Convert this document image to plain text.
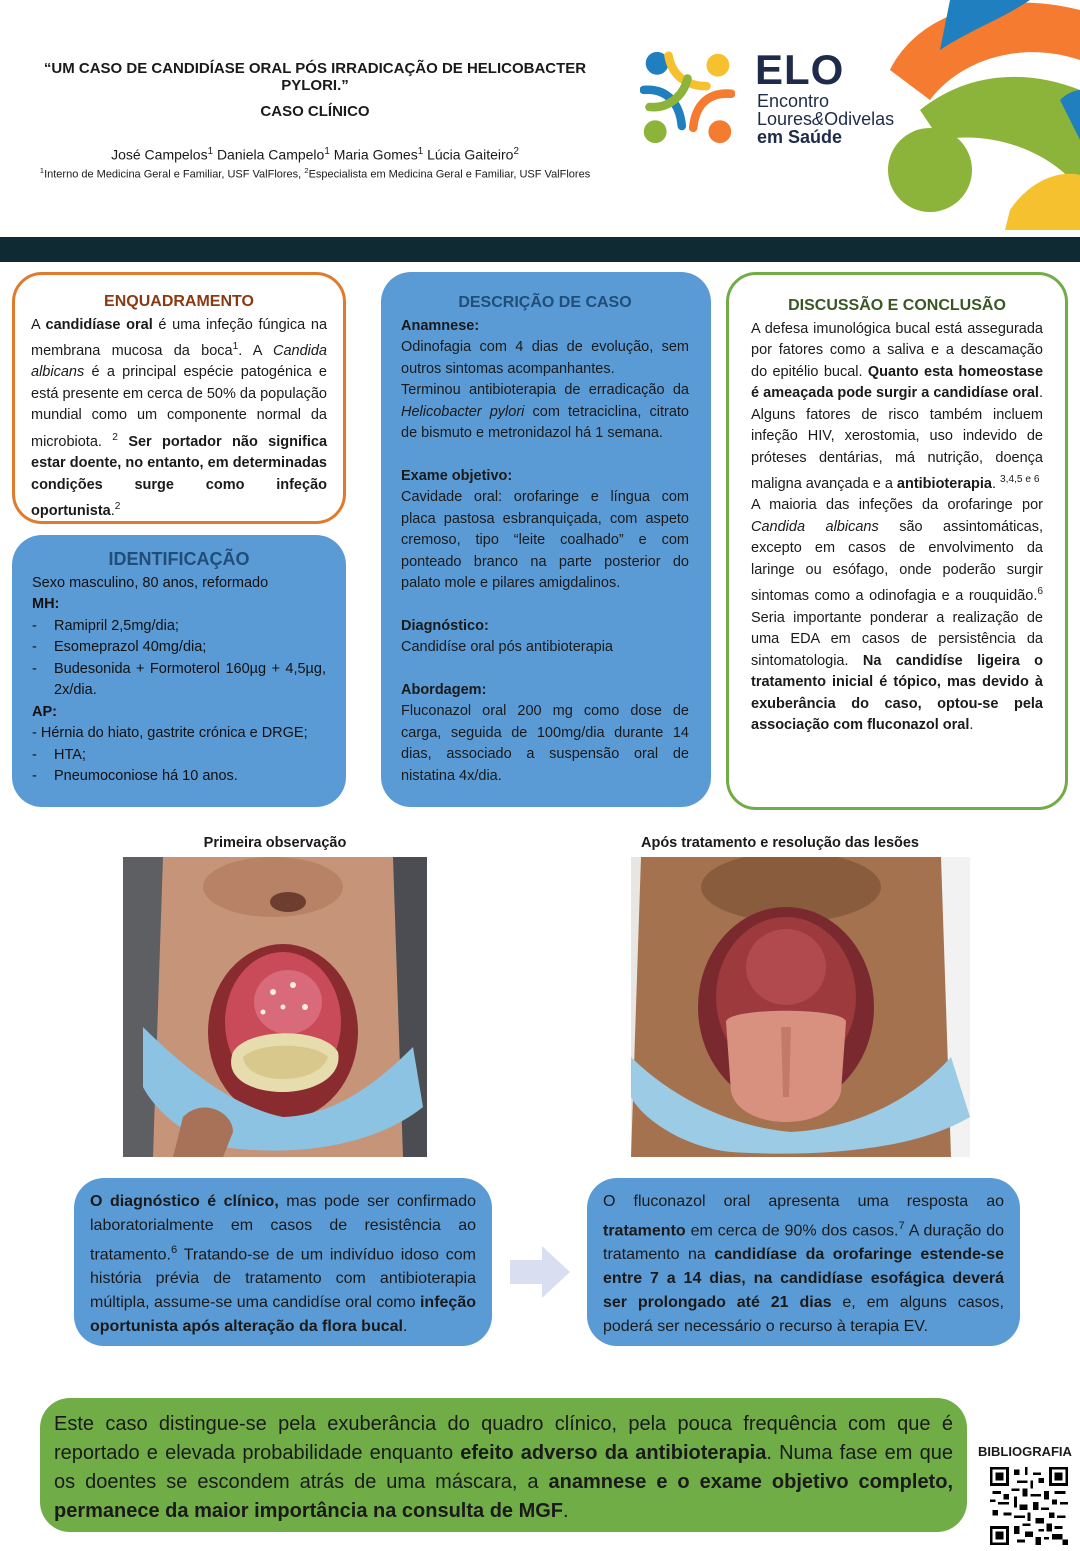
“UM CASO DE CANDIDÍASE ORAL PÓS IRRADICAÇÃO DE HELICOBACTER PYLORI.”
CASO CLÍNICO
José Campelos$^1$ Daniela Campelo$^1$ Maria Gomes$^1$ Lúcia Gaiteiro$^2$
$^1$Interno de Medicina Geral e Familiar, USF ValFlores, $^2$Especialista em Medicina Geral e Familiar, USF ValFlores
ELO
Encontro
Loures&Odivelas
em Saúde
ENQUADRAMENTO

A candidíase oral é uma infeção fúngica na membrana mucosa da boca$^1$. A Candida albicans é a principal espécie patogénica e está presente em cerca de 50% da população mundial como um componente normal da microbiota. $^2$ Ser portador não significa estar doente, no entanto, em determinadas condições surge como infeção oportunista.$^2$

IDENTIFICAÇÃO
Sexo masculino, 80 anos, reformado
MH:
- Ramipril 2,5mg/dia;
- Esomeprazol 40mg/dia;
- Budesonida + Formoterol 160µg + 4,5µg, 2x/dia.
AP:
- Hérnia do hiato, gastrite crónica e DRGE;
- HTA;
- Pneumoconiose há 10 anos.
DESCRIÇÃO DE CASO
Anamnese:

Odinofagia com 4 dias de evolução, sem outros sintomas acompanhantes.

Terminou antibioterapia de erradicação da Helicobacter pylori com tetraciclina, citrato de bismuto e metronidazol há 1 semana.

Exame objetivo:

Cavidade oral: orofaringe e língua com placa pastosa esbranquiçada, com aspeto cremoso, tipo “leite coalhado” e com ponteado branco na parte posterior do palato mole e pilares amigdalinos.

Diagnóstico:

Candidíse oral pós antibioterapia

Abordagem:

Fluconazol oral 200 mg como dose de carga, seguida de 100mg/dia durante 14 dias, associado a suspensão oral de nistatina 4x/dia.

DISCUSSÃO E CONCLUSÃO

A defesa imunológica bucal está assegurada por fatores como a saliva e a descamação do epitélio bucal. Quanto esta homeostase é ameaçada pode surgir a candidíase oral. Alguns fatores de risco também incluem infeção HIV, xerostomia, uso indevido de próteses dentárias, má nutrição, doença maligna avançada e a antibioterapia. $^{3,4,5 e 6}$

A maioria das infeções da orofaringe por Candida albicans são assintomáticas, excepto em casos de envolvimento da laringe ou esófago, onde poderão surgir sintomas como a odinofagia e a rouquidão.$^6$ Seria importante ponderar a realização de uma EDA em casos de persistência da sintomatologia. Na candidíse ligeira o tratamento inicial é tópico, mas devido à exuberância do caso, optou-se pela associação com fluconazol oral.

Primeira observação	Após tratamento e resolução das lesões

O diagnóstico é clínico, mas pode ser confirmado laboratorialmente em casos de resistência ao tratamento.$^6$ Tratando-se de um indivíduo idoso com história prévia de tratamento com antibioterapia múltipla, assume-se uma candidíse oral como infeção oportunista após alteração da flora bucal.

O fluconazol oral apresenta uma resposta ao tratamento em cerca de 90% dos casos.$^7$ A duração do tratamento na candidíase da orofaringe estende-se entre 7 a 14 dias, na candidíase esofágica deverá ser prolongado até 21 dias e, em alguns casos, poderá ser necessário o recurso à terapia EV.

Este caso distingue-se pela exuberância do quadro clínico, pela pouca frequência com que é reportado e elevada probabilidade enquanto efeito adverso da antibioterapia. Numa fase em que os doentes se escondem atrás de uma máscara, a anamnese e o exame objetivo completo, permanece da maior importância na consulta de MGF.

BIBLIOGRAFIA
